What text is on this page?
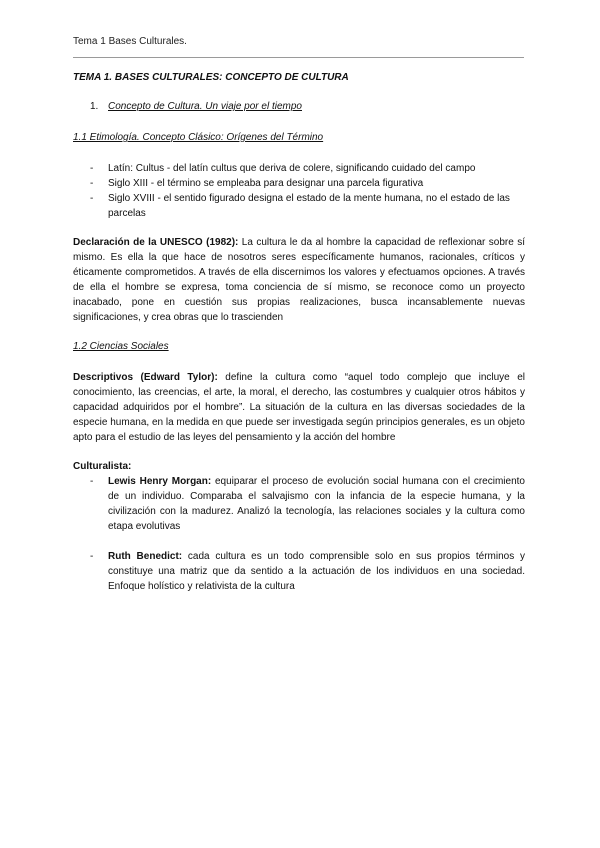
Tema 1 Bases Culturales.
TEMA 1. BASES CULTURALES: CONCEPTO DE CULTURA
1. Concepto de Cultura. Un viaje por el tiempo
1.1 Etimología. Concepto Clásico: Orígenes del Término
- Latín: Cultus - del latín cultus que deriva de colere, significando cuidado del campo
- Siglo XIII - el término se empleaba para designar una parcela figurativa
- Siglo XVIII - el sentido figurado designa el estado de la mente humana, no el estado de las parcelas

Declaración de la UNESCO (1982): La cultura le da al hombre la capacidad de reflexionar sobre sí mismo. Es ella la que hace de nosotros seres específicamente humanos, racionales, críticos y éticamente comprometidos. A través de ella discernimos los valores y efectuamos opciones. A través de ella el hombre se expresa, toma conciencia de sí mismo, se reconoce como un proyecto inacabado, pone en cuestión sus propias realizaciones, busca incansablemente nuevas significaciones, y crea obras que lo trascienden

1.2 Ciencias Sociales

Descriptivos (Edward Tylor): define la cultura como “aquel todo complejo que incluye el conocimiento, las creencias, el arte, la moral, el derecho, las costumbres y cualquier otros hábitos y capacidad adquiridos por el hombre”. La situación de la cultura en las diversas sociedades de la especie humana, en la medida en que puede ser investigada según principios generales, es un objeto apto para el estudio de las leyes del pensamiento y la acción del hombre

Culturalista:
- Lewis Henry Morgan: equiparar el proceso de evolución social humana con el crecimiento de un individuo. Comparaba el salvajismo con la infancia de la especie humana, y la civilización con la madurez. Analizó la tecnología, las relaciones sociales y la cultura como etapa evolutivas
- Ruth Benedict: cada cultura es un todo comprensible solo en sus propios términos y constituye una matriz que da sentido a la actuación de los individuos en una sociedad. Enfoque holístico y relativista de la cultura
